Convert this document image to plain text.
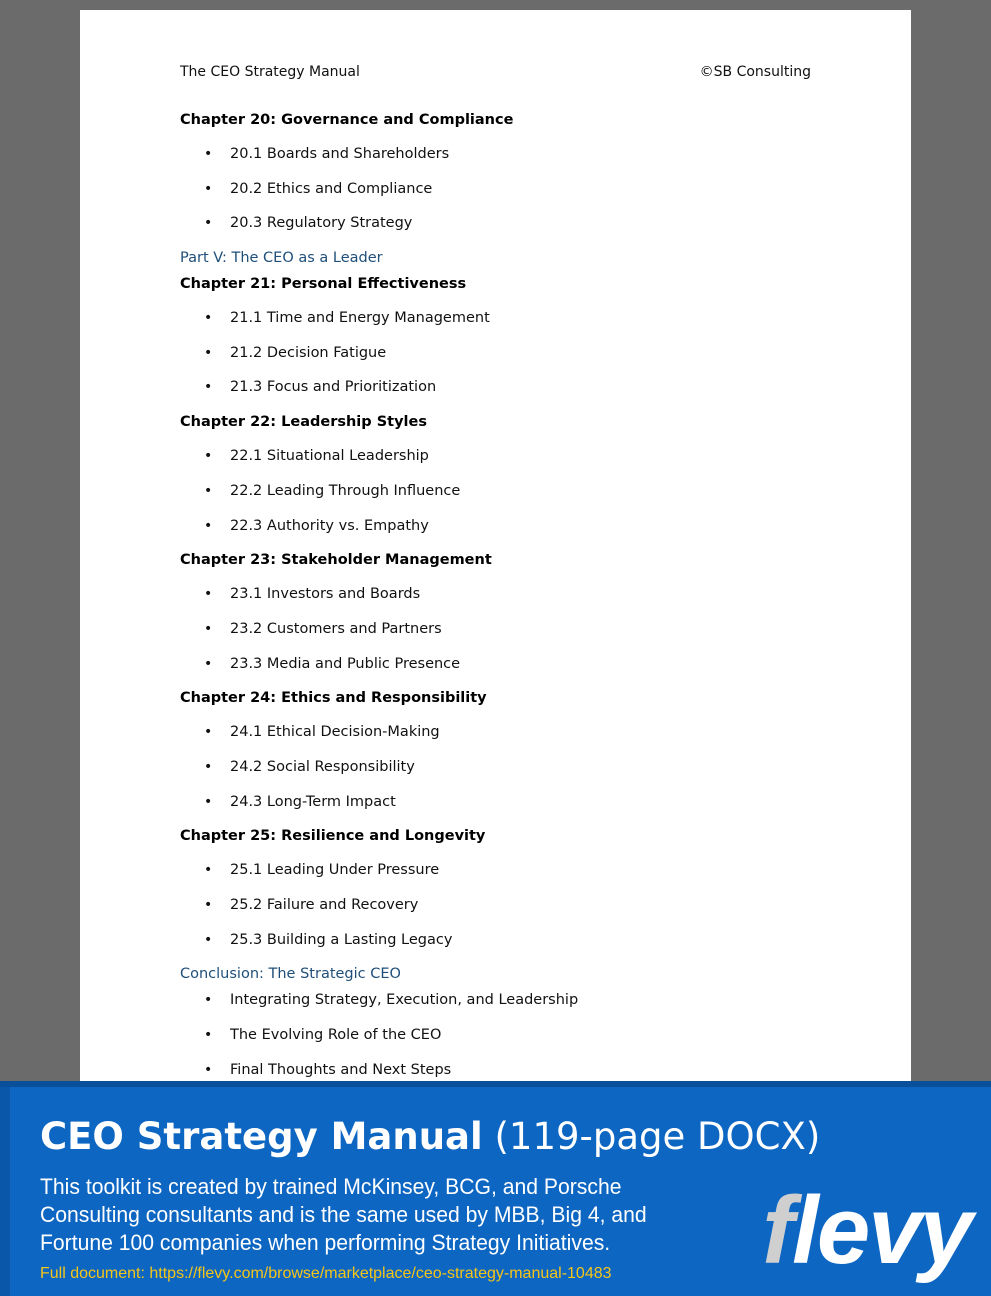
The CEO Strategy Manual	©SB Consulting
Chapter 20: Governance and Compliance
• 20.1 Boards and Shareholders
• 20.2 Ethics and Compliance
• 20.3 Regulatory Strategy
Part V: The CEO as a Leader
Chapter 21: Personal Effectiveness
• 21.1 Time and Energy Management
• 21.2 Decision Fatigue
• 21.3 Focus and Prioritization
Chapter 22: Leadership Styles
• 22.1 Situational Leadership
• 22.2 Leading Through Influence
• 22.3 Authority vs. Empathy
Chapter 23: Stakeholder Management
• 23.1 Investors and Boards
• 23.2 Customers and Partners
• 23.3 Media and Public Presence
Chapter 24: Ethics and Responsibility
• 24.1 Ethical Decision-Making
• 24.2 Social Responsibility
• 24.3 Long-Term Impact
Chapter 25: Resilience and Longevity
• 25.1 Leading Under Pressure
• 25.2 Failure and Recovery
• 25.3 Building a Lasting Legacy
Conclusion: The Strategic CEO
• Integrating Strategy, Execution, and Leadership
• The Evolving Role of the CEO
• Final Thoughts and Next Steps
CEO Strategy Manual (119-page DOCX)
This toolkit is created by trained McKinsey, BCG, and Porsche Consulting consultants and is the same used by MBB, Big 4, and Fortune 100 companies when performing Strategy Initiatives.
Full document: https://flevy.com/browse/marketplace/ceo-strategy-manual-10483 flevy
